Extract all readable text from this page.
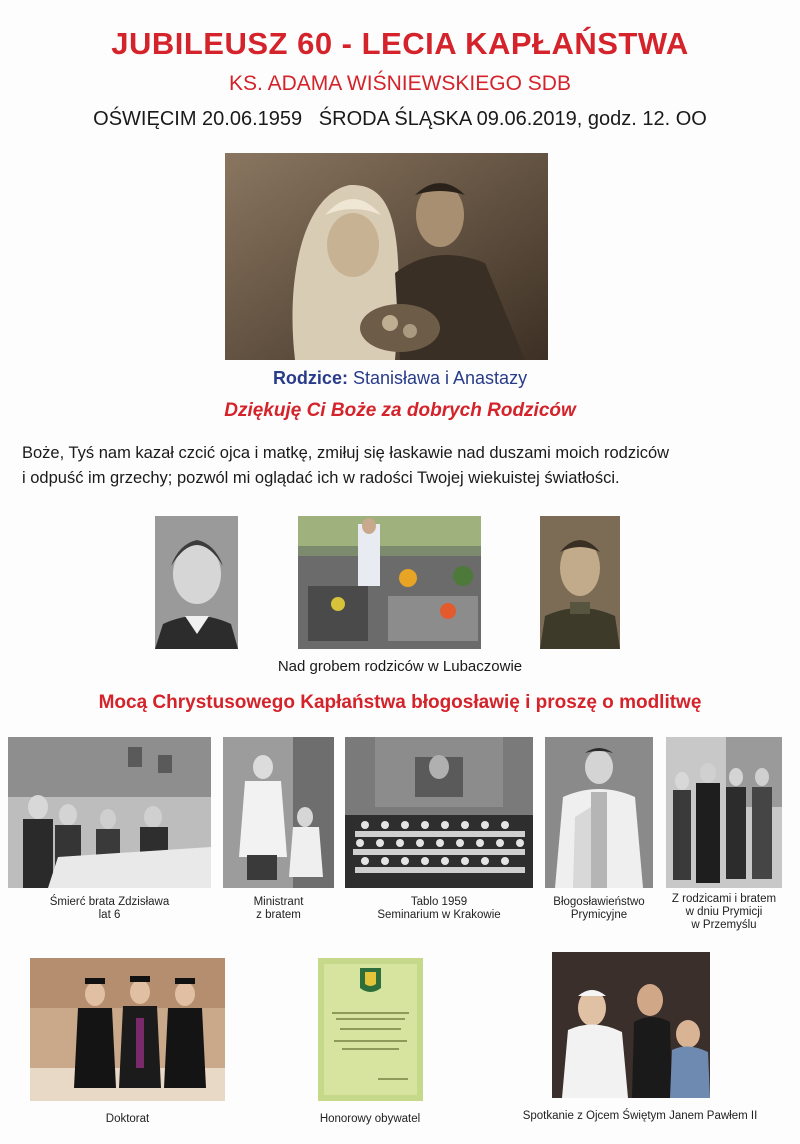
JUBILEUSZ 60 - LECIA KAPŁAŃSTWA
KS. ADAMA WIŚNIEWSKIEGO SDB
OŚWIĘCIM 20.06.1959   ŚRODA ŚLĄSKA 09.06.2019, godz. 12. OO
Rodzice: Stanisława i Anastazy
Dziękuję Ci Boże za dobrych Rodziców
Boże, Tyś nam kazał czcić ojca i matkę, zmiłuj się łaskawie nad duszami moich rodziców
i odpuść im grzechy; pozwól mi oglądać ich w radości Twojej wiekuistej światłości.
Nad grobem rodziców w Lubaczowie
Mocą Chrystusowego Kapłaństwa błogosławię i proszę o modlitwę
Śmierć brata Zdzisława
lat 6
Ministrant
z bratem
Tablo 1959
Seminarium w Krakowie
Błogosławieństwo
Prymicyjne
Z rodzicami i bratem
w dniu Prymicji
w Przemyślu
Doktorat	Honorowy obywatel	Spotkanie z Ojcem Świętym Janem Pawłem II
